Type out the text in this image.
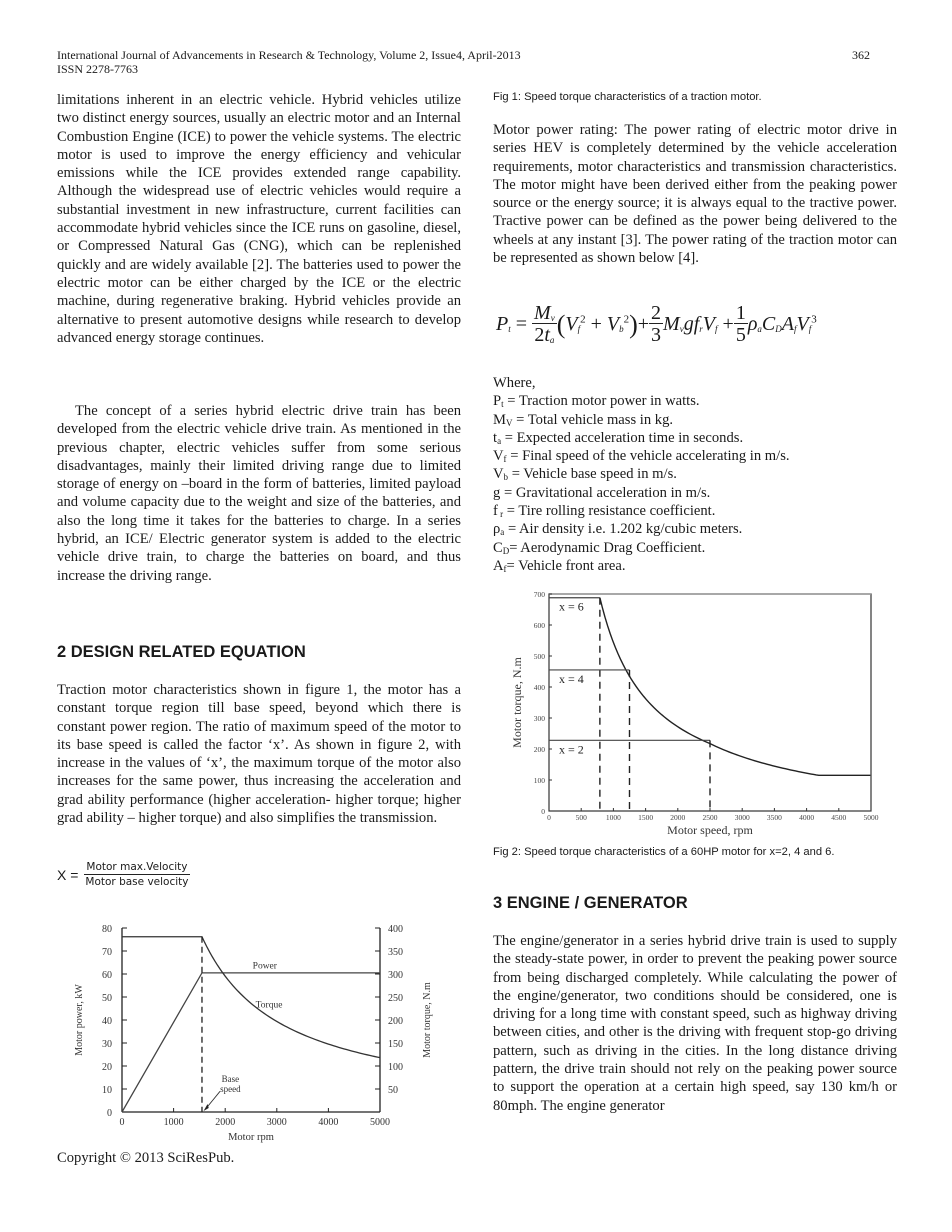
International Journal of Advancements in Research & Technology, Volume 2, Issue4, April-2013
ISSN 2278-7763
362

limitations inherent in an electric vehicle. Hybrid vehicles utilize two distinct energy sources, usually an electric motor and an Internal Combustion Engine (ICE) to power the vehicle systems. The electric motor is used to improve the energy efficiency and vehicular emissions while the ICE provides extended range capability. Although the widespread use of electric vehicles would require a substantial investment in new infrastructure, current facilities can accommodate hybrid vehicles since the ICE runs on gasoline, diesel, or Compressed Natural Gas (CNG), which can be replenished quickly and are widely available [2]. The batteries used to power the electric motor can be either charged by the ICE or the electric machine, during regenerative braking. Hybrid vehicles provide an alternative to present automotive designs while research to develop advanced energy storage continues.

The concept of a series hybrid electric drive train has been developed from the electric vehicle drive train. As mentioned in the previous chapter, electric vehicles suffer from some serious disadvantages, mainly their limited driving range due to limited storage of energy on –board in the form of batteries, limited payload and volume capacity due to the weight and size of the batteries, and also the long time it takes for the batteries to charge. In a series hybrid, an ICE/ Electric generator system is added to the electric vehicle drive train, to charge the batteries on board, and thus increase the driving range.

2 DESIGN RELATED EQUATION

Traction motor characteristics shown in figure 1, the motor has a constant torque region till base speed, beyond which there is constant power region. The ratio of maximum speed of the motor to its base speed is called the factor ‘x’. As shown in figure 2, with increase in the values of ‘x’, the maximum torque of the motor also increases for the same power, thus increasing the acceleration and grad ability performance (higher acceleration- higher torque; higher grad ability – higher torque) and also simplifies the transmission.

$X = \frac{\text{Motor max.Velocity}}{\text{Motor base velocity}}$
0
10
20
30
40
50
60
70
80
50
100
150
200
250
300
350
400
0	1000	2000	3000	4000	5000
Motor rpm
Motor power, kW	Motor torque, N.m
Power
Torque
Base speed
Copyright © 2013 SciResPub.
Fig 1: Speed torque characteristics of a traction motor.

Motor power rating: The power rating of electric motor drive in series HEV is completely determined by the vehicle acceleration requirements, motor characteristics and transmission characteristics. The motor might have been derived either from the peaking power source or the energy source; it is always equal to the tractive power. Tractive power can be defined as the power being delivered to the wheels at any instant [3]. The power rating of the traction motor can be represented as shown below [4].

$P_t = \frac{M_v}{2t_a}$ ( $V_f^2 + V_b^2$ ) + $\frac{2}{3} M_vgf_rV_f + \frac{1}{5} \rho_aC_DA_fV_f^3$
Where,
$P_t$ = Traction motor power in watts.
$M_V$ = Total vehicle mass in kg.
$t_a$ = Expected acceleration time in seconds.
$V_f$ = Final speed of the vehicle accelerating in m/s.
$V_b$ = Vehicle base speed in m/s.
g = Gravitational acceleration in m/s.
f $_r$ = Tire rolling resistance coefficient.
$\rho_a$ = Air density i.e. 1.202 kg/cubic meters.
$C_D=$ Aerodynamic Drag Coefficient.
$A_f=$ Vehicle front area.
0
100
200
300
400
500
600
700
0	500	1000 1500 2000 2500 3000 3500 4000 4500 5000
Motor speed, rpm
Motor torque, N.m
x = 6
x = 4
x = 2
Fig 2: Speed torque characteristics of a 60HP motor for x=2, 4 and 6.
3 ENGINE / GENERATOR

The engine/generator in a series hybrid drive train is used to supply the steady-state power, in order to prevent the peaking power source from being discharged completely. While calculating the power of the engine/generator, two conditions should be considered, one is driving for a long time with constant speed, such as highway driving between cities, and other is the driving with frequent stop-go driving pattern, such as driving in the cities. In the long distance driving pattern, the drive train should not rely on the peaking power source to support the operation at a certain high speed, say 130 km/h or 80mph. The engine generator
